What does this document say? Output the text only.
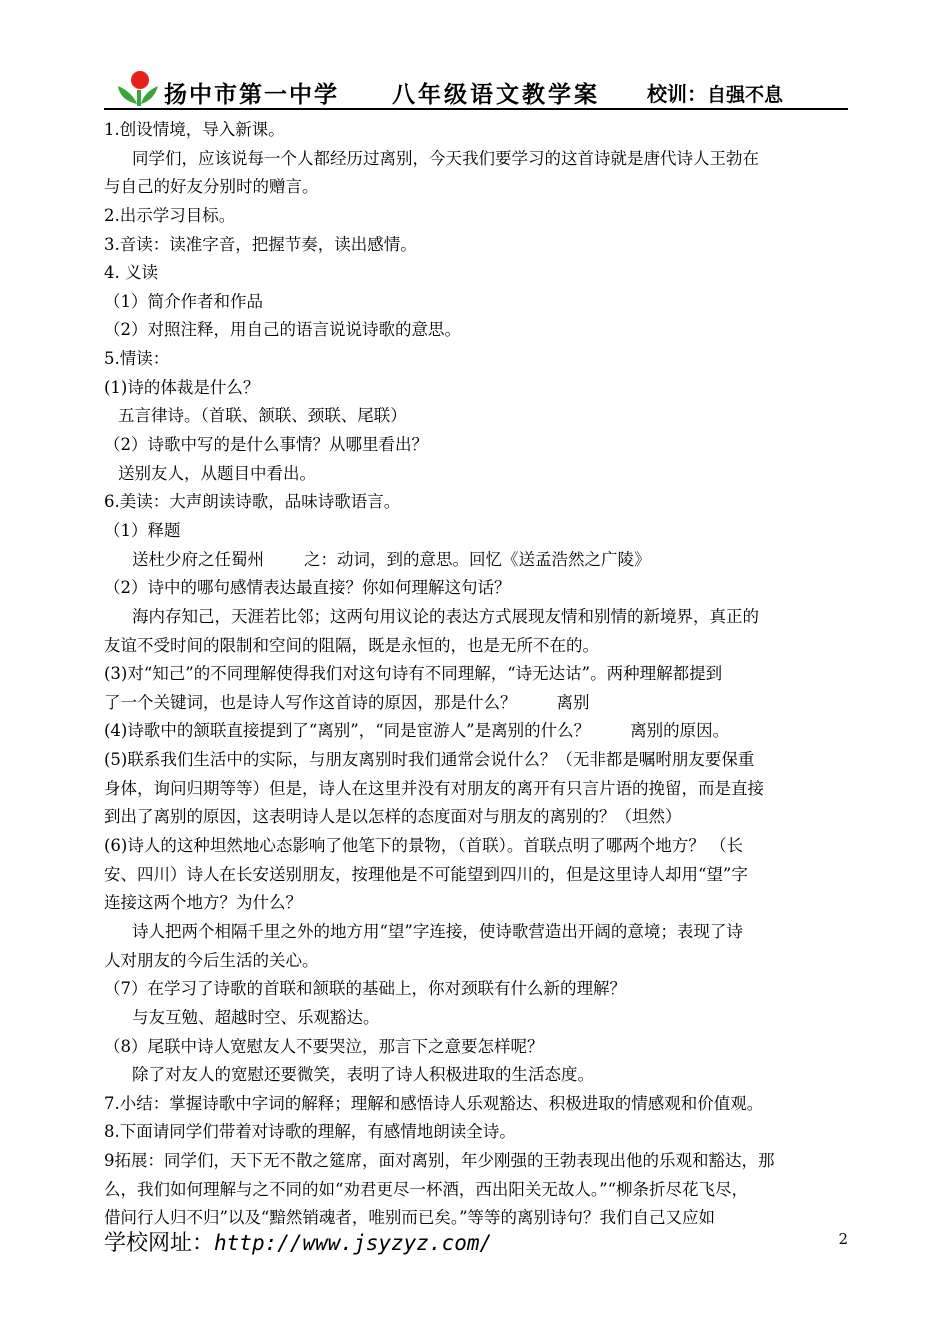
扬中市第一中学 八年级语文教学案 校训：自强不息
1.创设情境，导入新课。
同学们，应该说每一个人都经历过离别，今天我们要学习的这首诗就是唐代诗人王勃在
与自己的好友分别时的赠言。
2.出示学习目标。
3.音读：读准字音，把握节奏，读出感情。
4. 义读
（1）简介作者和作品
（2）对照注释，用自己的语言说说诗歌的意思。
5.情读：
(1)诗的体裁是什么？
五言律诗。（首联、颔联、颈联、尾联）
（2）诗歌中写的是什么事情？从哪里看出？
送别友人，从题目中看出。
6.美读：大声朗读诗歌，品味诗歌语言。
（1）释题
送杜少府之任蜀州 之：动词，到的意思。回忆《送孟浩然之广陵》
（2）诗中的哪句感情表达最直接？你如何理解这句话？
海内存知己，天涯若比邻；这两句用议论的表达方式展现友情和别情的新境界，真正的
友谊不受时间的限制和空间的阻隔，既是永恒的，也是无所不在的。
(3)对“知己”的不同理解使得我们对这句诗有不同理解，“诗无达诂”。两种理解都提到
了一个关键词，也是诗人写作这首诗的原因，那是什么？ 离别
(4)诗歌中的颔联直接提到了“离别”，“同是宦游人”是离别的什么？ 离别的原因。
(5)联系我们生活中的实际，与朋友离别时我们通常会说什么？（无非都是嘱咐朋友要保重
身体，询问归期等等）但是，诗人在这里并没有对朋友的离开有只言片语的挽留，而是直接
到出了离别的原因，这表明诗人是以怎样的态度面对与朋友的离别的？（坦然）
(6)诗人的这种坦然地心态影响了他笔下的景物，（首联）。首联点明了哪两个地方？ （长
安、四川）诗人在长安送别朋友，按理他是不可能望到四川的，但是这里诗人却用“望”字
连接这两个地方？为什么？
诗人把两个相隔千里之外的地方用“望”字连接，使诗歌营造出开阔的意境；表现了诗
人对朋友的今后生活的关心。
（7）在学习了诗歌的首联和颔联的基础上，你对颈联有什么新的理解？
与友互勉、超越时空、乐观豁达。
（8）尾联中诗人宽慰友人不要哭泣，那言下之意要怎样呢？
除了对友人的宽慰还要微笑，表明了诗人积极进取的生活态度。
7.小结：掌握诗歌中字词的解释；理解和感悟诗人乐观豁达、积极进取的情感观和价值观。
8.下面请同学们带着对诗歌的理解，有感情地朗读全诗。
9拓展：同学们，天下无不散之筵席，面对离别，年少刚强的王勃表现出他的乐观和豁达，那
么，我们如何理解与之不同的如“劝君更尽一杯酒，西出阳关无故人。”“柳条折尽花飞尽，
借问行人归不归”以及“黯然销魂者，唯别而已矣。”等等的离别诗句？我们自己又应如
学校网址：http://www.jsyzyz.com/	2
